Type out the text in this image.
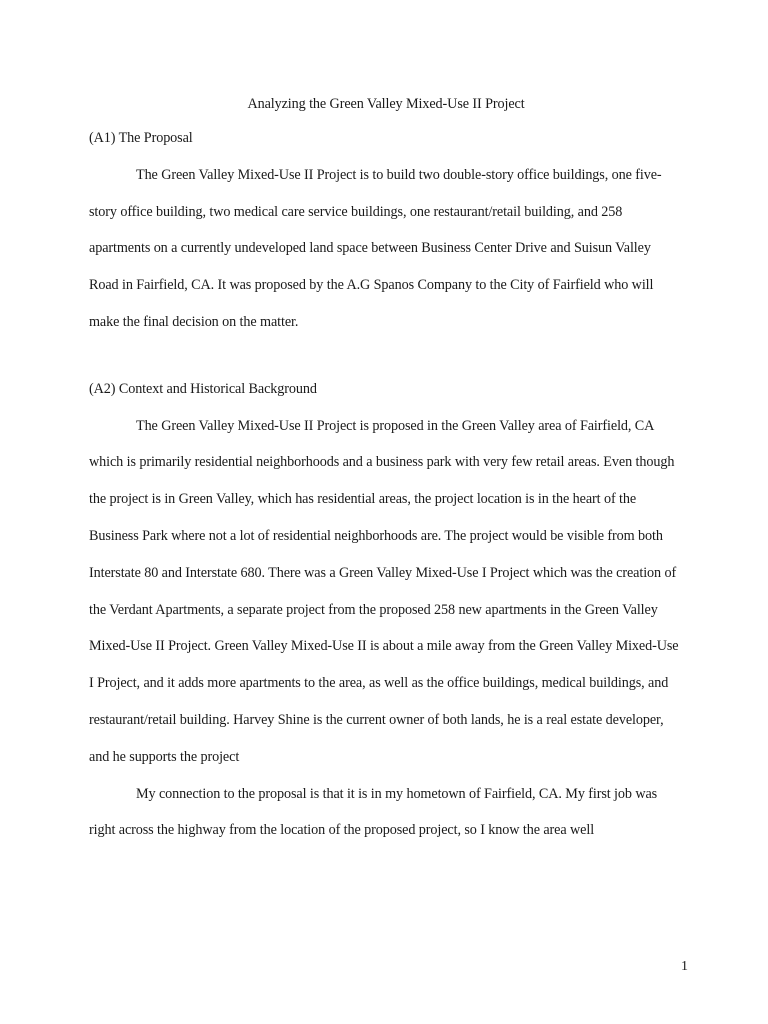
Analyzing the Green Valley Mixed-Use II Project
(A1) The Proposal

The Green Valley Mixed-Use II Project is to build two double-story office buildings, one five-story office building, two medical care service buildings, one restaurant/retail building, and 258 apartments on a currently undeveloped land space between Business Center Drive and Suisun Valley Road in Fairfield, CA. It was proposed by the A.G Spanos Company to the City of Fairfield who will make the final decision on the matter.

(A2) Context and Historical Background

The Green Valley Mixed-Use II Project is proposed in the Green Valley area of Fairfield, CA which is primarily residential neighborhoods and a business park with very few retail areas. Even though the project is in Green Valley, which has residential areas, the project location is in the heart of the Business Park where not a lot of residential neighborhoods are. The project would be visible from both Interstate 80 and Interstate 680. There was a Green Valley Mixed-Use I Project which was the creation of the Verdant Apartments, a separate project from the proposed 258 new apartments in the Green Valley Mixed-Use II Project. Green Valley Mixed-Use II is about a mile away from the Green Valley Mixed-Use I Project, and it adds more apartments to the area, as well as the office buildings, medical buildings, and restaurant/retail building. Harvey Shine is the current owner of both lands, he is a real estate developer, and he supports the project

My connection to the proposal is that it is in my hometown of Fairfield, CA. My first job was right across the highway from the location of the proposed project, so I know the area well

1
